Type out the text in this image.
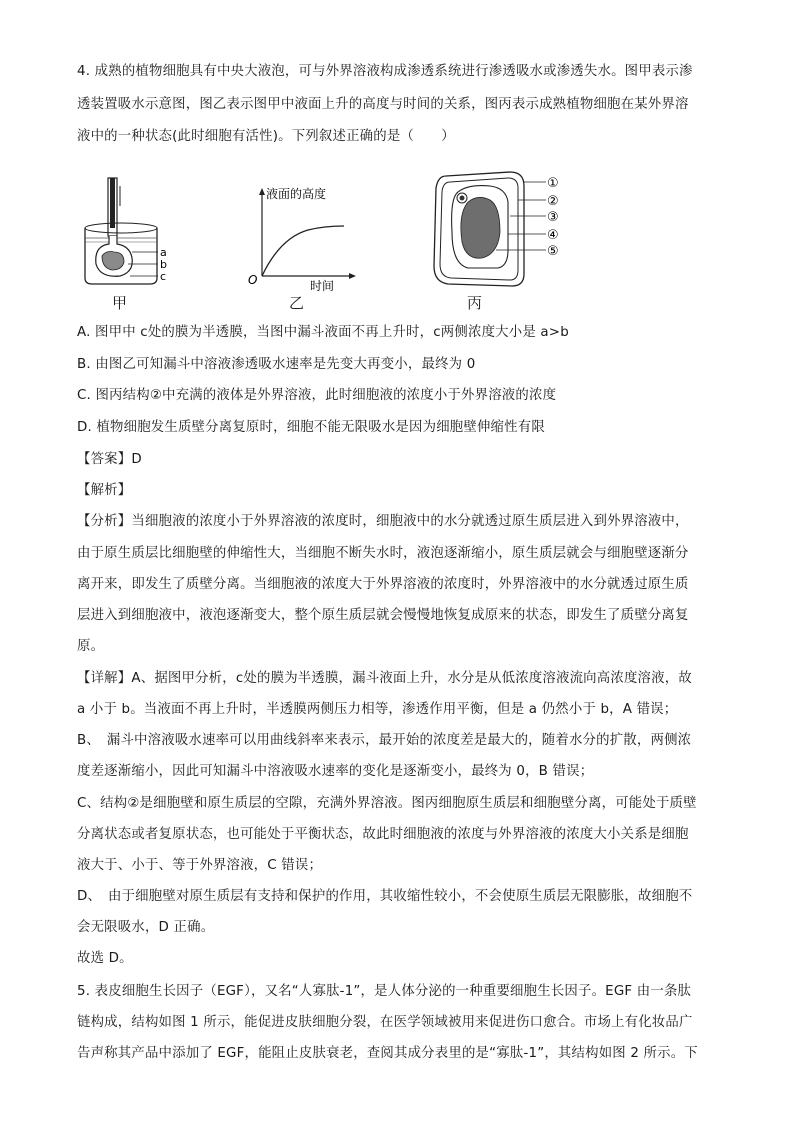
4. 成熟的植物细胞具有中央大液泡，可与外界溶液构成渗透系统进行渗透吸水或渗透失水。图甲表示渗
透装置吸水示意图，图乙表示图甲中液面上升的高度与时间的关系，图丙表示成熟植物细胞在某外界溶
液中的一种状态(此时细胞有活性)。下列叙述正确的是（　　）
a
b
c
甲
液面的高度
时间
O
乙
①
②
③
④
⑤
丙
A. 图甲中 c处的膜为半透膜，当图中漏斗液面不再上升时，c两侧浓度大小是 a>b
B. 由图乙可知漏斗中溶液渗透吸水速率是先变大再变小，最终为 0
C. 图丙结构②中充满的液体是外界溶液，此时细胞液的浓度小于外界溶液的浓度
D. 植物细胞发生质壁分离复原时，细胞不能无限吸水是因为细胞壁伸缩性有限
【答案】D
【解析】
【分析】当细胞液的浓度小于外界溶液的浓度时，细胞液中的水分就透过原生质层进入到外界溶液中，
由于原生质层比细胞壁的伸缩性大，当细胞不断失水时，液泡逐渐缩小，原生质层就会与细胞壁逐渐分
离开来，即发生了质壁分离。当细胞液的浓度大于外界溶液的浓度时，外界溶液中的水分就透过原生质
层进入到细胞液中，液泡逐渐变大，整个原生质层就会慢慢地恢复成原来的状态，即发生了质壁分离复
原。
【详解】A、据图甲分析，c处的膜为半透膜，漏斗液面上升，水分是从低浓度溶液流向高浓度溶液，故
a 小于 b。当液面不再上升时，半透膜两侧压力相等，渗透作用平衡，但是 a 仍然小于 b，A 错误；
B、　漏斗中溶液吸水速率可以用曲线斜率来表示，最开始的浓度差是最大的，随着水分的扩散，两侧浓
度差逐渐缩小，因此可知漏斗中溶液吸水速率的变化是逐渐变小，最终为 0，B 错误；
C、结构②是细胞壁和原生质层的空隙，充满外界溶液。图丙细胞原生质层和细胞壁分离，可能处于质壁
分离状态或者复原状态，也可能处于平衡状态，故此时细胞液的浓度与外界溶液的浓度大小关系是细胞
液大于、小于、等于外界溶液，C 错误；
D、　由于细胞壁对原生质层有支持和保护的作用，其收缩性较小，不会使原生质层无限膨胀，故细胞不
会无限吸水，D 正确。
故选 D。
5. 表皮细胞生长因子（EGF），又名“人寡肽-1”，是人体分泌的一种重要细胞生长因子。EGF 由一条肽
链构成，结构如图 1 所示，能促进皮肤细胞分裂，在医学领域被用来促进伤口愈合。市场上有化妆品广
告声称其产品中添加了 EGF，能阻止皮肤衰老，查阅其成分表里的是“寡肽-1”，其结构如图 2 所示。下
